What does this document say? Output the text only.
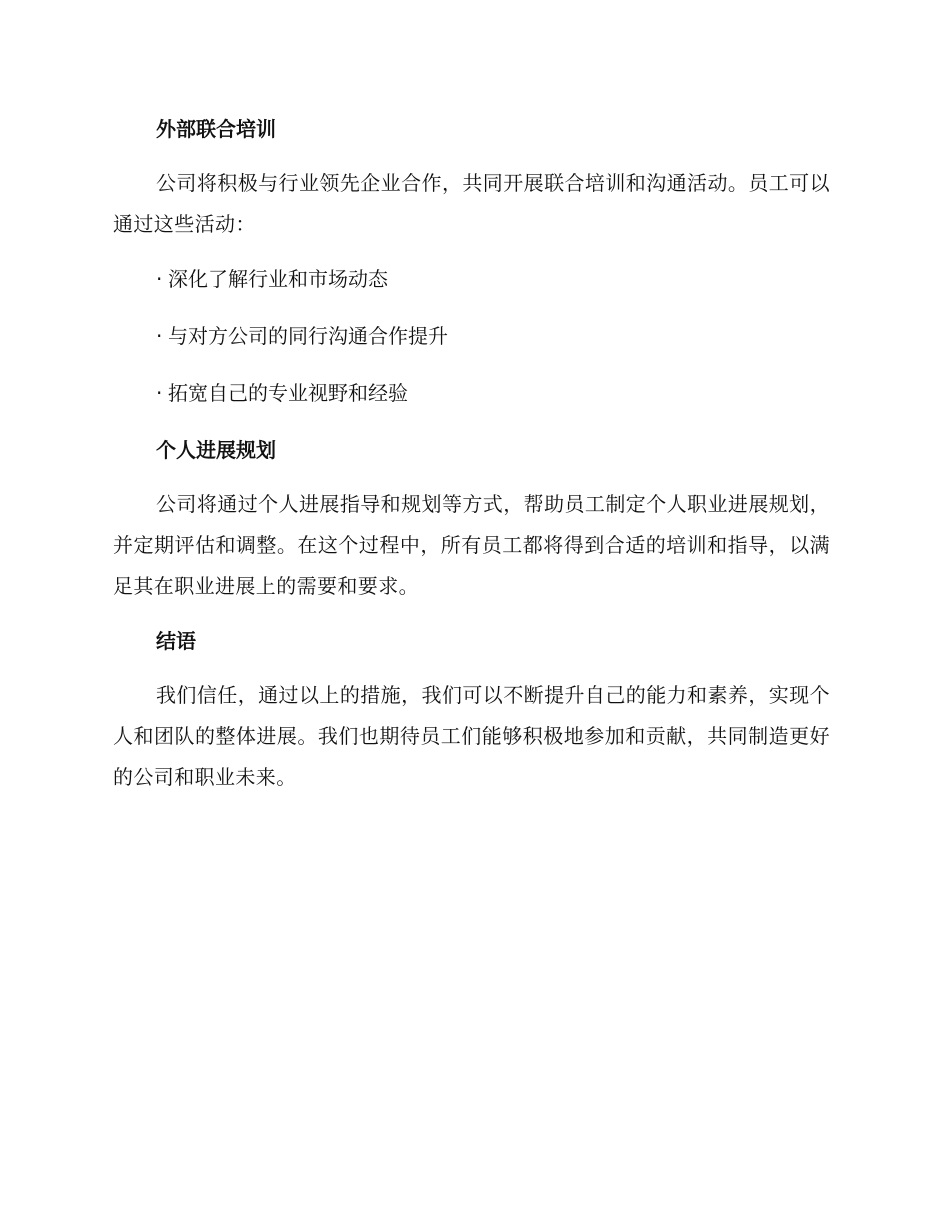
外部联合培训
公司将积极与行业领先企业合作，共同开展联合培训和沟通活动。员工可以通过这些活动：
· 深化了解行业和市场动态
· 与对方公司的同行沟通合作提升
· 拓宽自己的专业视野和经验
个人进展规划
公司将通过个人进展指导和规划等方式，帮助员工制定个人职业进展规划，并定期评估和调整。在这个过程中，所有员工都将得到合适的培训和指导，以满足其在职业进展上的需要和要求。
结语
我们信任，通过以上的措施，我们可以不断提升自己的能力和素养，实现个人和团队的整体进展。我们也期待员工们能够积极地参加和贡献，共同制造更好的公司和职业未来。
